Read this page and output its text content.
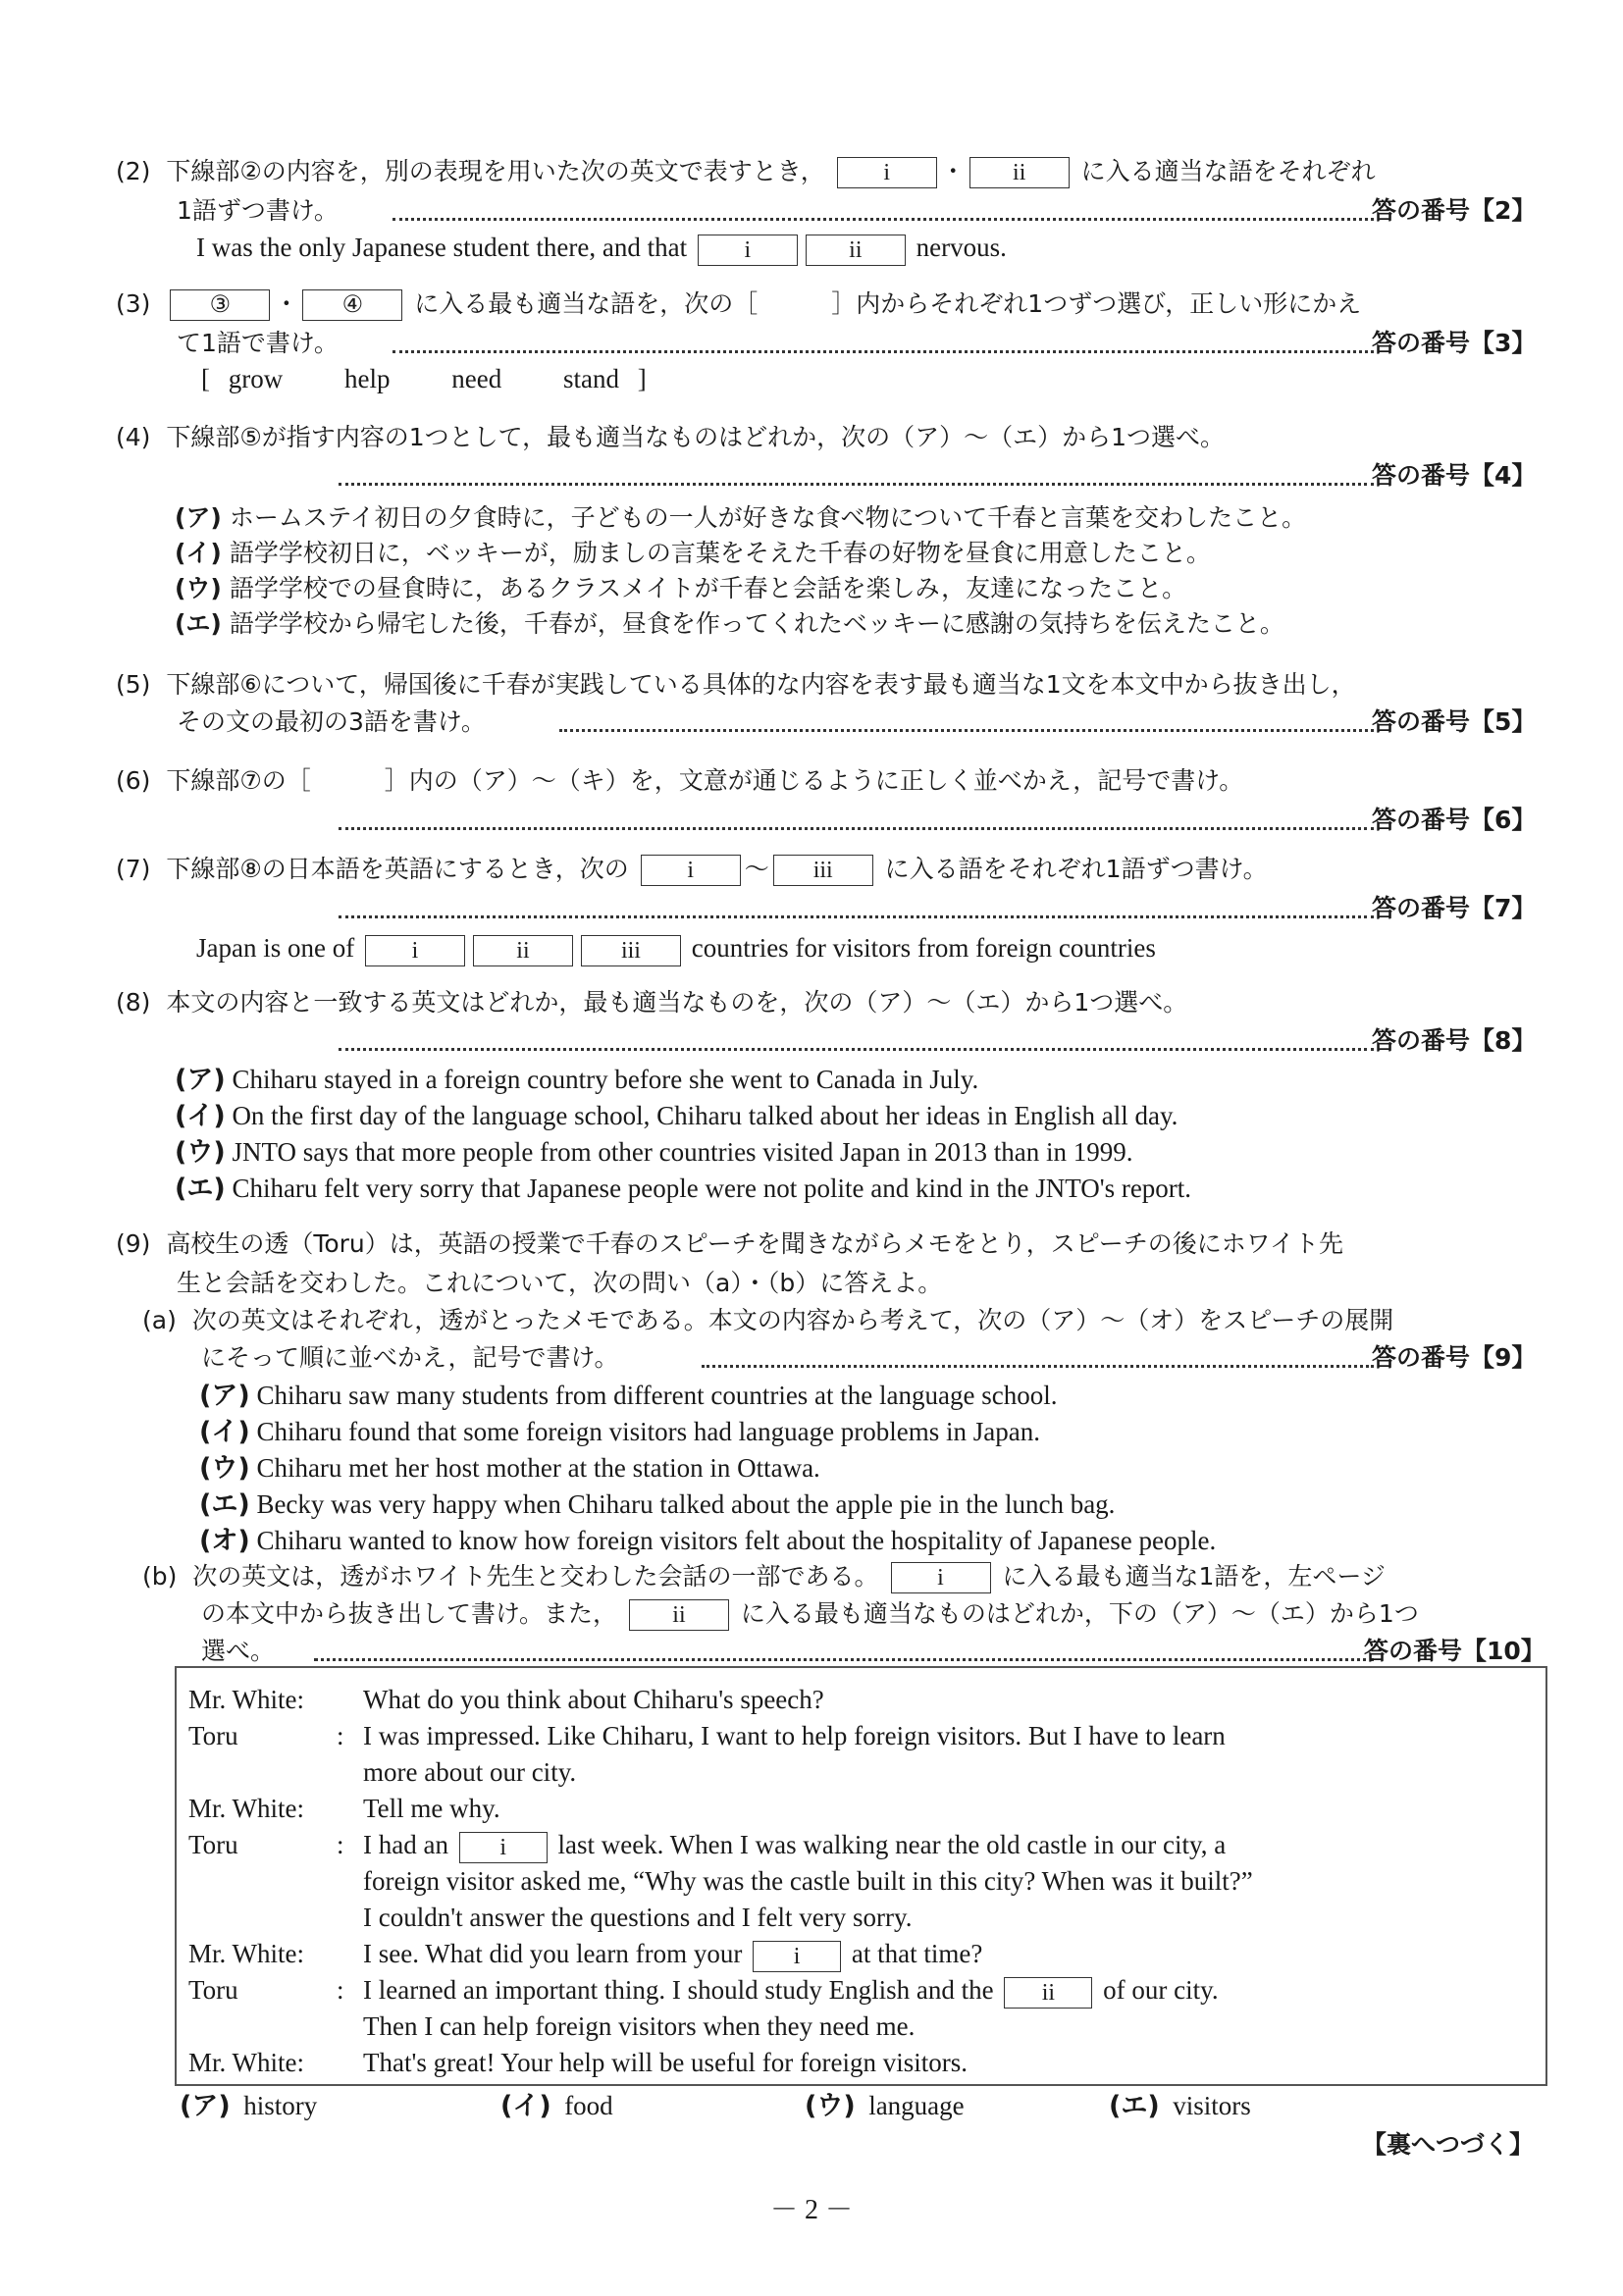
(2) 下線部②の内容を，別の表現を用いた次の英文で表すとき， i ・ ii に入る適当な語をそれぞれ
1語ずつ書け。	答の番号【2】
I was the only Japanese student there, and that i	ii nervous.
(3)	③ ・ ④ に入る最も適当な語を，次の［　　　］内からそれぞれ1つずつ選び，正しい形にかえ
て1語で書け。	答の番号【3】
[ grow help need stand ]
(4) 下線部⑤が指す内容の1つとして，最も適当なものはどれか，次の（ア）～（エ）から1つ選べ。
答の番号【4】
(ア) ホームステイ初日の夕食時に，子どもの一人が好きな食べ物について千春と言葉を交わしたこと。
(イ) 語学学校初日に，ベッキーが，励ましの言葉をそえた千春の好物を昼食に用意したこと。
(ウ) 語学学校での昼食時に，あるクラスメイトが千春と会話を楽しみ，友達になったこと。
(エ) 語学学校から帰宅した後，千春が，昼食を作ってくれたベッキーに感謝の気持ちを伝えたこと。
(5) 下線部⑥について，帰国後に千春が実践している具体的な内容を表す最も適当な1文を本文中から抜き出し，
その文の最初の3語を書け。	答の番号【5】
(6) 下線部⑦の［　　　］内の（ア）～（キ）を，文意が通じるように正しく並べかえ，記号で書け。
答の番号【6】
(7) 下線部⑧の日本語を英語にするとき，次の i ～ iii に入る語をそれぞれ1語ずつ書け。
答の番号【7】
Japan is one of i	ii	iii countries for visitors from foreign countries
(8) 本文の内容と一致する英文はどれか，最も適当なものを，次の（ア）～（エ）から1つ選べ。
答の番号【8】
(ア) Chiharu stayed in a foreign country before she went to Canada in July.
(イ) On the first day of the language school, Chiharu talked about her ideas in English all day.
(ウ) JNTO says that more people from other countries visited Japan in 2013 than in 1999.
(エ) Chiharu felt very sorry that Japanese people were not polite and kind in the JNTO's report.
(9) 高校生の透（Toru）は，英語の授業で千春のスピーチを聞きながらメモをとり，スピーチの後にホワイト先
生と会話を交わした。これについて，次の問い（a）・（b）に答えよ。
(a) 次の英文はそれぞれ，透がとったメモである。本文の内容から考えて，次の（ア）～（オ）をスピーチの展開
にそって順に並べかえ，記号で書け。	答の番号【9】
(ア) Chiharu saw many students from different countries at the language school.
(イ) Chiharu found that some foreign visitors had language problems in Japan.
(ウ) Chiharu met her host mother at the station in Ottawa.
(エ) Becky was very happy when Chiharu talked about the apple pie in the lunch bag.
(オ) Chiharu wanted to know how foreign visitors felt about the hospitality of Japanese people.
(b) 次の英文は，透がホワイト先生と交わした会話の一部である。 i に入る最も適当な1語を，左ページ
の本文中から抜き出して書け。また， ii に入る最も適当なものはどれか，下の（ア）～（エ）から1つ
選べ。	答の番号【10】
Mr. White: What do you think about Chiharu's speech?
Toru	: I was impressed. Like Chiharu, I want to help foreign visitors. But I have to learn
more about our city.
Mr. White: Tell me why.
Toru	: I had an i last week. When I was walking near the old castle in our city, a
foreign visitor asked me, “Why was the castle built in this city? When was it built?”
I couldn't answer the questions and I felt very sorry.
Mr. White: I see. What did you learn from your i at that time?
Toru	: I learned an important thing. I should study English and the ii of our city.
Then I can help foreign visitors when they need me.
Mr. White: That's great! Your help will be useful for foreign visitors.
(ア) history	(イ) food	(ウ) language	(エ) visitors
【裏へつづく】
－ 2 －
